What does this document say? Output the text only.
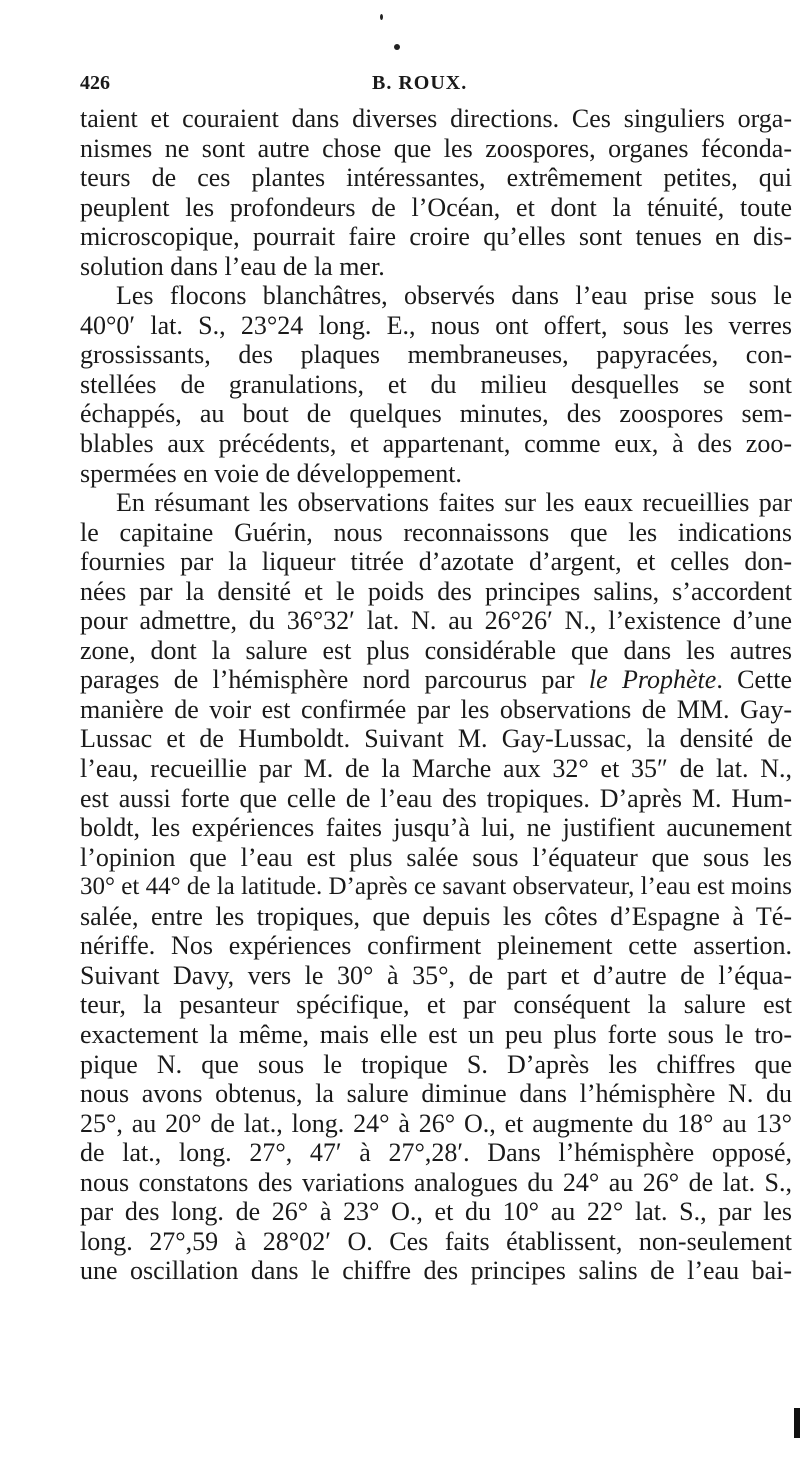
426	B. ROUX.
taient et couraient dans diverses directions. Ces singuliers orga-
nismes ne sont autre chose que les zoospores, organes féconda-
teurs de ces plantes intéressantes, extrêmement petites, qui
peuplent les profondeurs de l’Océan, et dont la ténuité, toute
microscopique, pourrait faire croire qu’elles sont tenues en dis-
solution dans l’eau de la mer.
Les flocons blanchâtres, observés dans l’eau prise sous le
40°0′ lat. S., 23°24 long. E., nous ont offert, sous les verres
grossissants, des plaques membraneuses, papyracées, con-
stellées de granulations, et du milieu desquelles se sont
échappés, au bout de quelques minutes, des zoospores sem-
blables aux précédents, et appartenant, comme eux, à des zoo-
spermées en voie de développement.
En résumant les observations faites sur les eaux recueillies par
le capitaine Guérin, nous reconnaissons que les indications
fournies par la liqueur titrée d’azotate d’argent, et celles don-
nées par la densité et le poids des principes salins, s’accordent
pour admettre, du 36°32′ lat. N. au 26°26′ N., l’existence d’une
zone, dont la salure est plus considérable que dans les autres
parages de l’hémisphère nord parcourus par le Prophète. Cette
manière de voir est confirmée par les observations de MM. Gay-
Lussac et de Humboldt. Suivant M. Gay-Lussac, la densité de
l’eau, recueillie par M. de la Marche aux 32° et 35″ de lat. N.,
est aussi forte que celle de l’eau des tropiques. D’après M. Hum-
boldt, les expériences faites jusqu’à lui, ne justifient aucunement
l’opinion que l’eau est plus salée sous l’équateur que sous les
30° et 44° de la latitude. D’après ce savant observateur, l’eau est moins
salée, entre les tropiques, que depuis les côtes d’Espagne à Té-
nériffe. Nos expériences confirment pleinement cette assertion.
Suivant Davy, vers le 30° à 35°, de part et d’autre de l’équa-
teur, la pesanteur spécifique, et par conséquent la salure est
exactement la même, mais elle est un peu plus forte sous le tro-
pique N. que sous le tropique S. D’après les chiffres que
nous avons obtenus, la salure diminue dans l’hémisphère N. du
25°, au 20° de lat., long. 24° à 26° O., et augmente du 18° au 13°
de lat., long. 27°, 47′ à 27°,28′. Dans l’hémisphère opposé,
nous constatons des variations analogues du 24° au 26° de lat. S.,
par des long. de 26° à 23° O., et du 10° au 22° lat. S., par les
long. 27°,59 à 28°02′ O. Ces faits établissent, non-seulement
une oscillation dans le chiffre des principes salins de l’eau bai-
